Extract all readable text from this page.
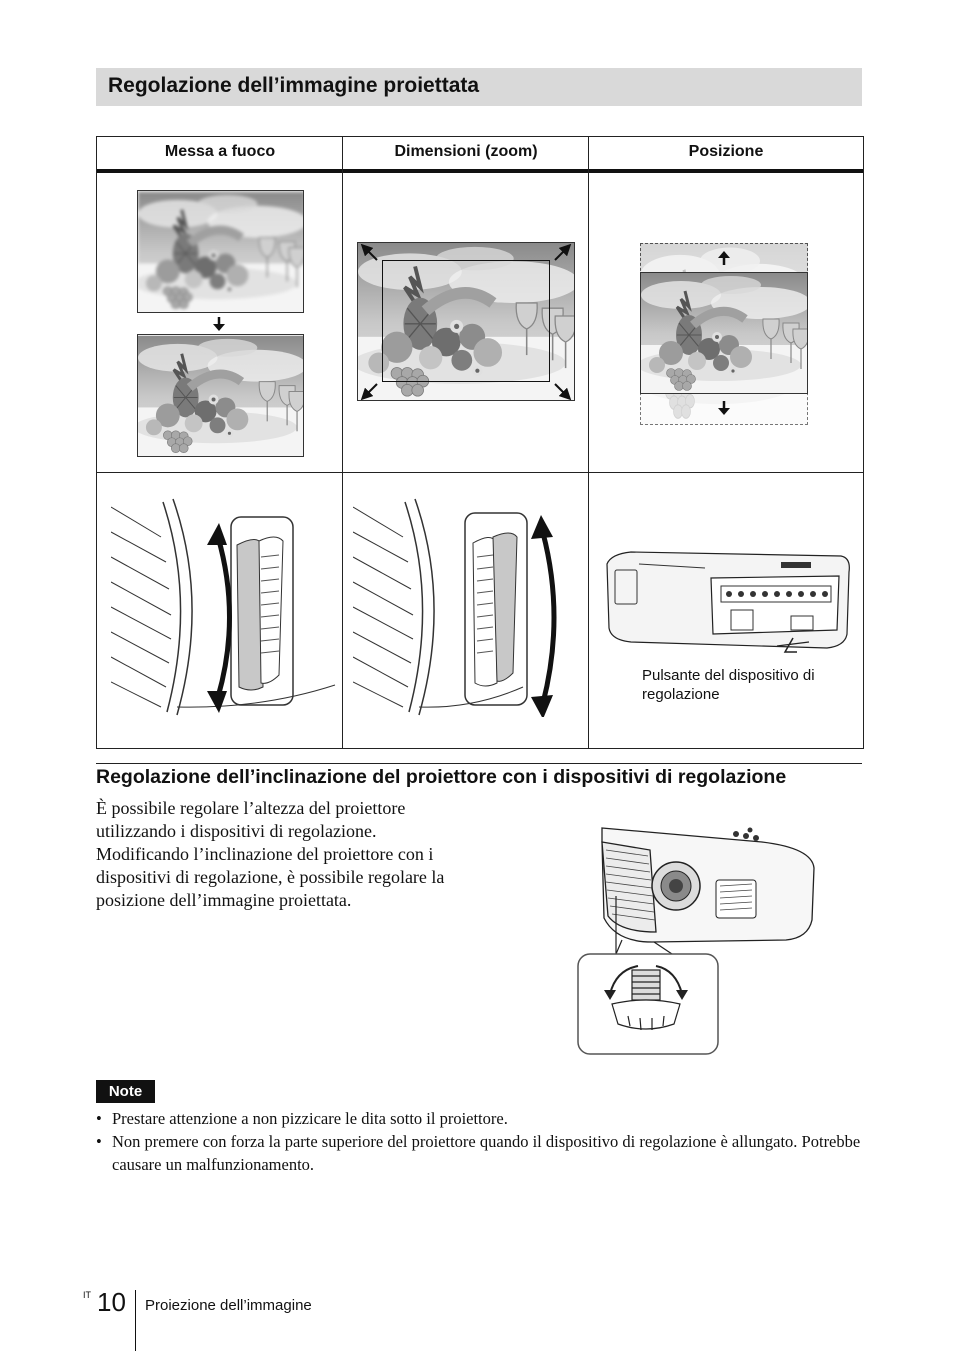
Regolazione dell’immagine proiettata
Messa a fuoco	Dimensioni (zoom)	Posizione
Pulsante del dispositivo di regolazione
Regolazione dell’inclinazione del proiettore con i dispositivi di regolazione

È possibile regolare l’altezza del proiettore utilizzando i dispositivi di regolazione. Modificando l’inclinazione del proiettore con i dispositivi di regolazione, è possibile regolare la posizione dell’immagine proiettata.

Note
• Prestare attenzione a non pizzicare le dita sotto il proiettore.
• Non premere con forza la parte superiore del proiettore quando il dispositivo di regolazione è allungato. Potrebbe causare un malfunzionamento.
IT 10 Proiezione dell’immagine
